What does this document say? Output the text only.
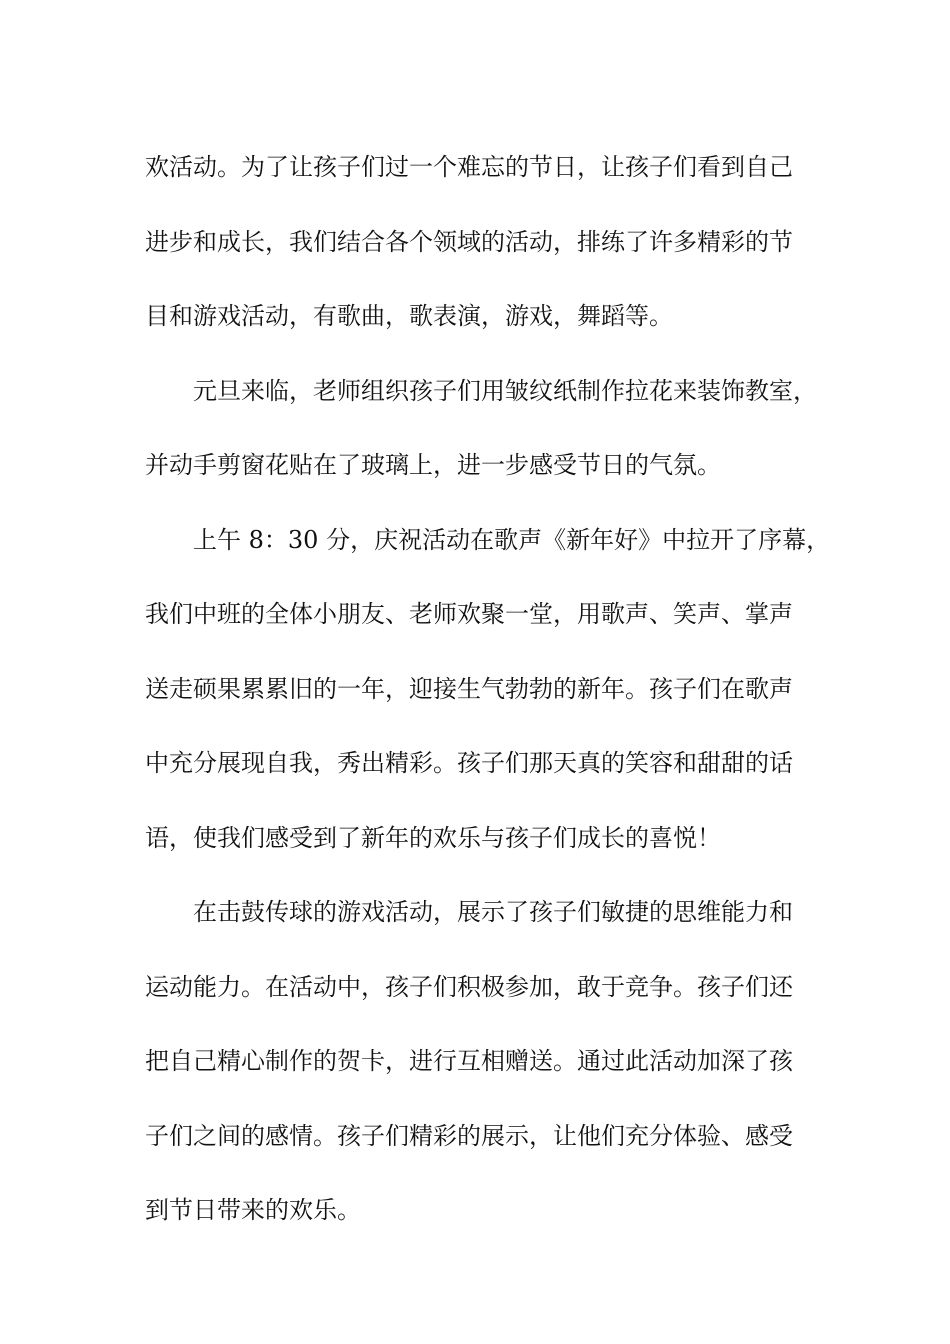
欢活动。为了让孩子们过一个难忘的节日，让孩子们看到自己
进步和成长，我们结合各个领域的活动，排练了许多精彩的节
目和游戏活动，有歌曲，歌表演，游戏，舞蹈等。

元旦来临，老师组织孩子们用皱纹纸制作拉花来装饰教室，
并动手剪窗花贴在了玻璃上，进一步感受节日的气氛。

上午 8：30 分，庆祝活动在歌声《新年好》中拉开了序幕，
我们中班的全体小朋友、老师欢聚一堂，用歌声、笑声、掌声
送走硕果累累旧的一年，迎接生气勃勃的新年。孩子们在歌声
中充分展现自我，秀出精彩。孩子们那天真的笑容和甜甜的话
语，使我们感受到了新年的欢乐与孩子们成长的喜悦！

在击鼓传球的游戏活动，展示了孩子们敏捷的思维能力和
运动能力。在活动中，孩子们积极参加，敢于竞争。孩子们还
把自己精心制作的贺卡，进行互相赠送。通过此活动加深了孩
子们之间的感情。孩子们精彩的展示，让他们充分体验、感受
到节日带来的欢乐。
